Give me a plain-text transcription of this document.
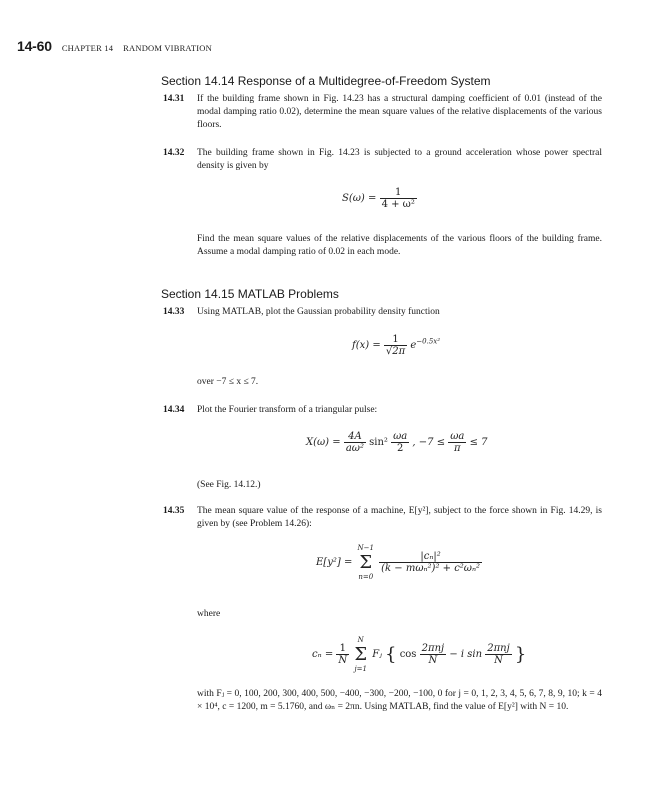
14-60 CHAPTER 14 RANDOM VIBRATION
Section 14.14 Response of a Multidegree-of-Freedom System
14.31 If the building frame shown in Fig. 14.23 has a structural damping coefficient of 0.01 (instead of the modal damping ratio 0.02), determine the mean square values of the relative displacements of the various floors.
14.32 The building frame shown in Fig. 14.23 is subjected to a ground acceleration whose power spectral density is given by
$S(\omega) = \frac{1}{\text{4 + ω²}}$
Find the mean square values of the relative displacements of the various floors of the building frame. Assume a modal damping ratio of 0.02 in each mode.
Section 14.15 MATLAB Problems
14.33 Using MATLAB, plot the Gaussian probability density function
$f(x) = \frac{1}{√2\pi} e^{-0.5x^2}$
over −7 ≤ x ≤ 7.
14.34 Plot the Fourier transform of a triangular pulse:
$X(\omega) = \frac{4A}{\text{aω²}} \sin^2 \frac{\omega a}{2}$ , $-7 \le \frac{\omega a}{\pi} \le 7$
(See Fig. 14.12.)
14.35 The mean square value of the response of a machine, E[y²], subject to the force shown in Fig. 14.29, is given by (see Problem 14.26):
E[y²] =
N−1
Σ
n=0

$\frac{\text{|cₙ|²}}{\text{(k − mωₙ²)² + c²ωₙ²}}$
where
$c_n = \frac{1}{N}$

N
Σ
j=1
Fⱼ { $\cos \frac{\text{2πnj}}{N} - i$ $\sin \frac{\text{2πnj}}{N}$ }
with Fⱼ = 0, 100, 200, 300, 400, 500, −400, −300, −200, −100, 0 for j = 0, 1, 2, 3, 4, 5, 6, 7, 8, 9, 10; k = 4 × 10⁴, c = 1200, m = 5.1760, and ωₙ = 2πn. Using MATLAB, find the value of E[y²] with N = 10.
